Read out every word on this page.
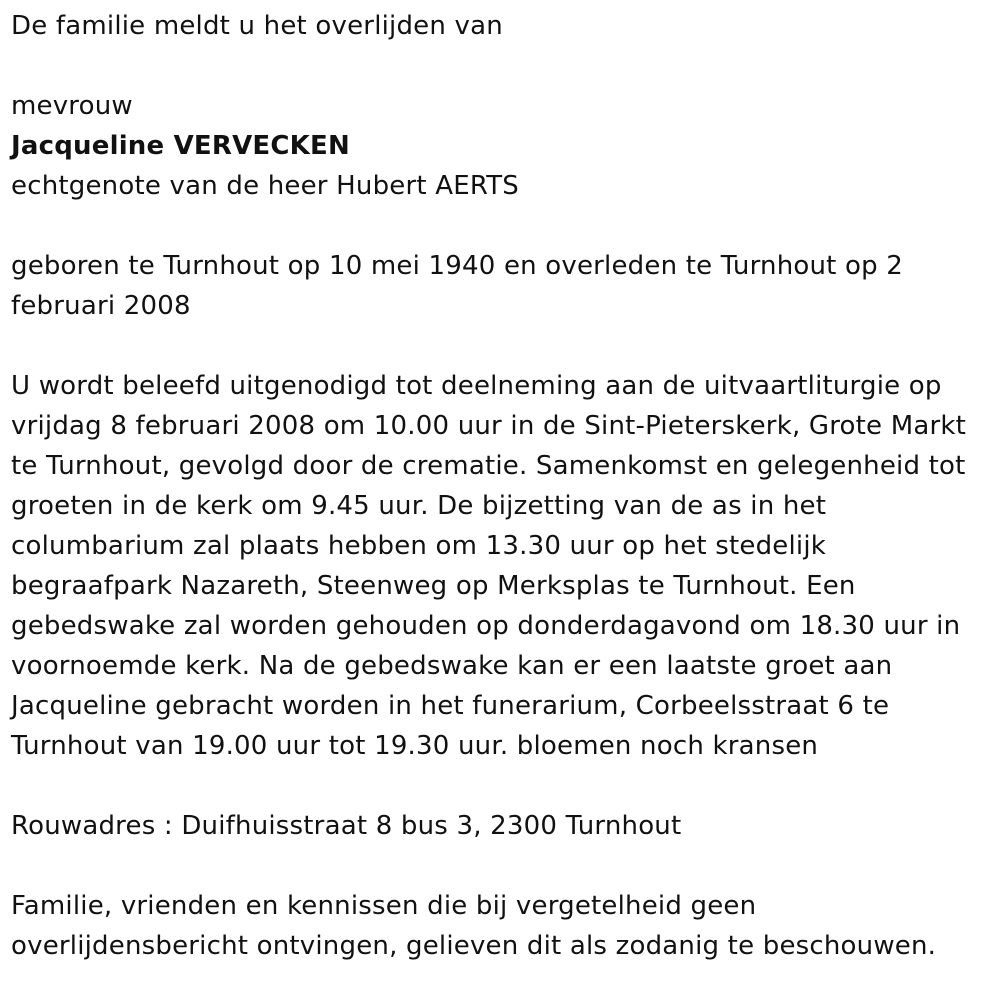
De familie meldt u het overlijden van

mevrouw

Jacqueline VERVECKEN

echtgenote van de heer Hubert AERTS

geboren te Turnhout op 10 mei 1940 en overleden te Turnhout op 2
februari 2008

U wordt beleefd uitgenodigd tot deelneming aan de uitvaartliturgie op
vrijdag 8 februari 2008 om 10.00 uur in de Sint-Pieterskerk, Grote Markt
te Turnhout, gevolgd door de crematie. Samenkomst en gelegenheid tot
groeten in de kerk om 9.45 uur. De bijzetting van de as in het
columbarium zal plaats hebben om 13.30 uur op het stedelijk
begraafpark Nazareth, Steenweg op Merksplas te Turnhout. Een
gebedswake zal worden gehouden op donderdagavond om 18.30 uur in
voornoemde kerk. Na de gebedswake kan er een laatste groet aan
Jacqueline gebracht worden in het funerarium, Corbeelsstraat 6 te
Turnhout van 19.00 uur tot 19.30 uur. bloemen noch kransen

Rouwadres : Duifhuisstraat 8 bus 3, 2300 Turnhout

Familie, vrienden en kennissen die bij vergetelheid geen
overlijdensbericht ontvingen, gelieven dit als zodanig te beschouwen.
